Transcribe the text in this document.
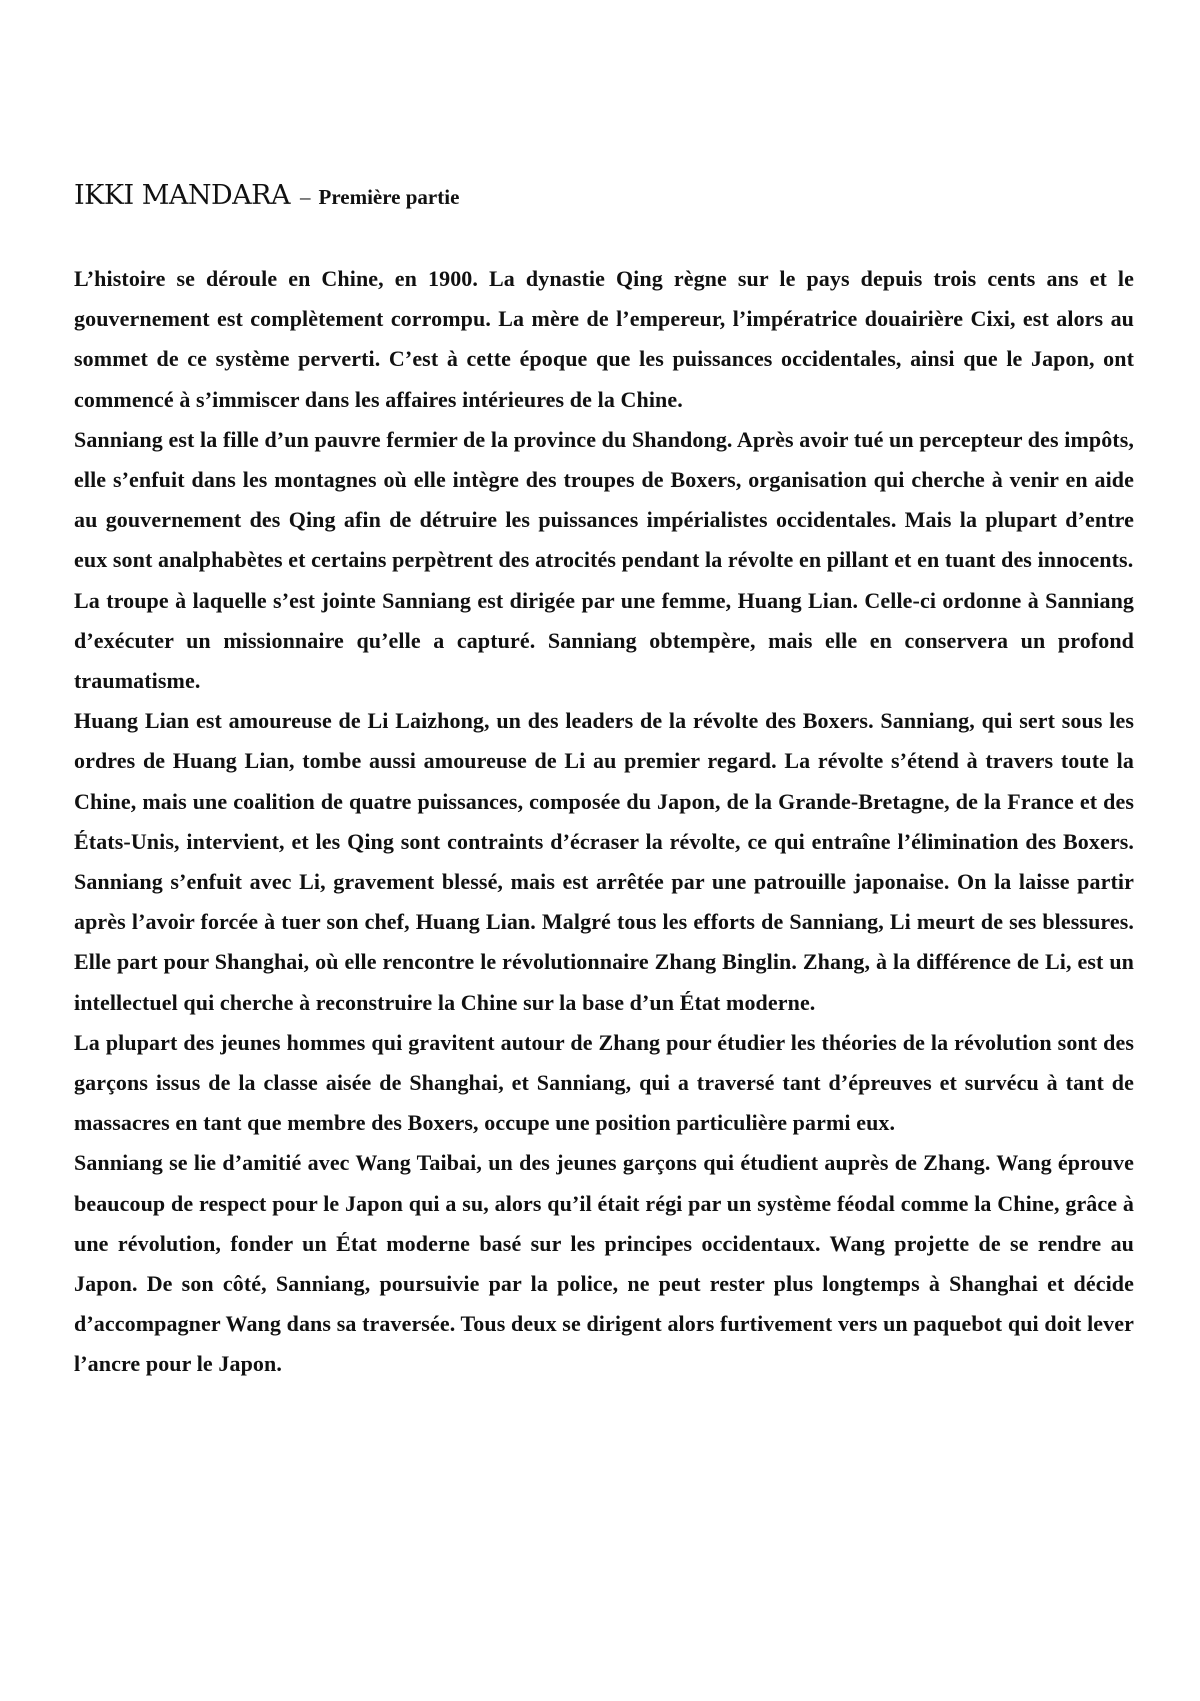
IKKI MANDARA – Première partie

L’histoire se déroule en Chine, en 1900. La dynastie Qing règne sur le pays depuis trois cents ans et le gouvernement est complètement corrompu. La mère de l’empereur, l’impératrice douairière Cixi, est alors au sommet de ce système perverti. C’est à cette époque que les puissances occidentales, ainsi que le Japon, ont commencé à s’immiscer dans les affaires intérieures de la Chine.

Sanniang est la fille d’un pauvre fermier de la province du Shandong. Après avoir tué un percepteur des impôts, elle s’enfuit dans les montagnes où elle intègre des troupes de Boxers, organisation qui cherche à venir en aide au gouvernement des Qing afin de détruire les puissances impérialistes occidentales. Mais la plupart d’entre eux sont analphabètes et certains perpètrent des atrocités pendant la révolte en pillant et en tuant des innocents.

La troupe à laquelle s’est jointe Sanniang est dirigée par une femme, Huang Lian. Celle-ci ordonne à Sanniang d’exécuter un missionnaire qu’elle a capturé. Sanniang obtempère, mais elle en conservera un profond traumatisme.

Huang Lian est amoureuse de Li Laizhong, un des leaders de la révolte des Boxers. Sanniang, qui sert sous les ordres de Huang Lian, tombe aussi amoureuse de Li au premier regard. La révolte s’étend à travers toute la Chine, mais une coalition de quatre puissances, composée du Japon, de la Grande-Bretagne, de la France et des États-Unis, intervient, et les Qing sont contraints d’écraser la révolte, ce qui entraîne l’élimination des Boxers. Sanniang s’enfuit avec Li, gravement blessé, mais est arrêtée par une patrouille japonaise. On la laisse partir après l’avoir forcée à tuer son chef, Huang Lian. Malgré tous les efforts de Sanniang, Li meurt de ses blessures. Elle part pour Shanghai, où elle rencontre le révolutionnaire Zhang Binglin. Zhang, à la différence de Li, est un intellectuel qui cherche à reconstruire la Chine sur la base d’un État moderne.

La plupart des jeunes hommes qui gravitent autour de Zhang pour étudier les théories de la révolution sont des garçons issus de la classe aisée de Shanghai, et Sanniang, qui a traversé tant d’épreuves et survécu à tant de massacres en tant que membre des Boxers, occupe une position particulière parmi eux.

Sanniang se lie d’amitié avec Wang Taibai, un des jeunes garçons qui étudient auprès de Zhang. Wang éprouve beaucoup de respect pour le Japon qui a su, alors qu’il était régi par un système féodal comme la Chine, grâce à une révolution, fonder un État moderne basé sur les principes occidentaux. Wang projette de se rendre au Japon. De son côté, Sanniang, poursuivie par la police, ne peut rester plus longtemps à Shanghai et décide d’accompagner Wang dans sa traversée. Tous deux se dirigent alors furtivement vers un paquebot qui doit lever l’ancre pour le Japon.
